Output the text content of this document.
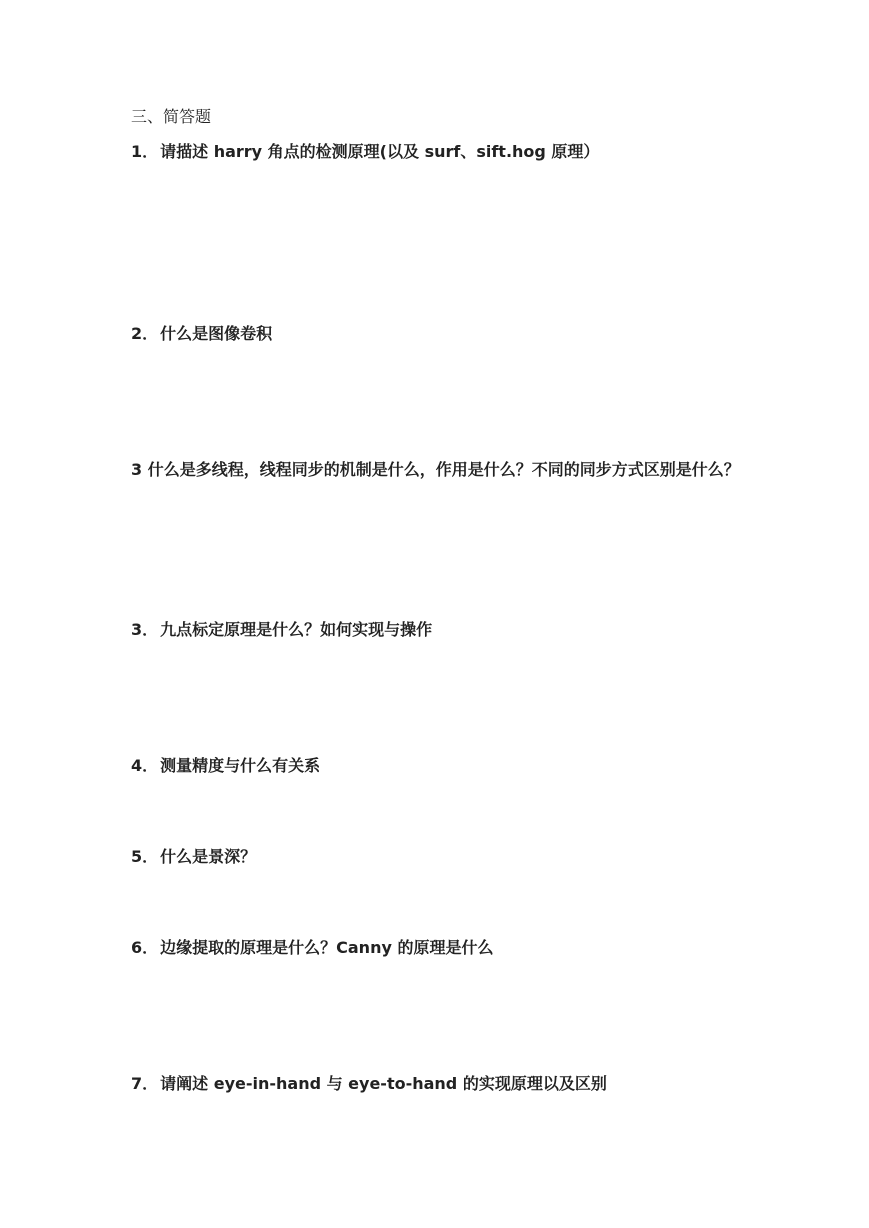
三、简答题

1． 请描述 harry 角点的检测原理(以及 surf、sift.hog 原理）

2． 什么是图像卷积

3 什么是多线程，线程同步的机制是什么，作用是什么？不同的同步方式区别是什么？

3． 九点标定原理是什么？如何实现与操作

4． 测量精度与什么有关系

5． 什么是景深？

6． 边缘提取的原理是什么？Canny 的原理是什么

7． 请阐述 eye-in-hand 与 eye-to-hand 的实现原理以及区别
